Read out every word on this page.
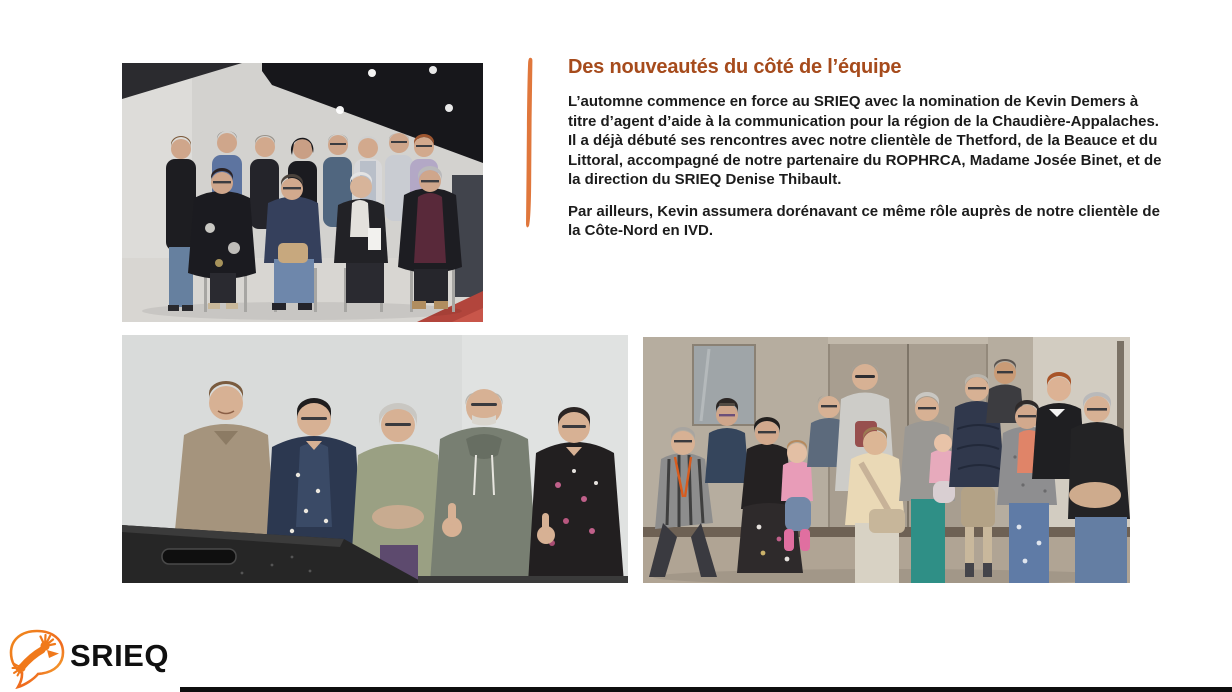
Des nouveautés du côté de l’équipe

L’automne commence en force au SRIEQ avec la nomination de Kevin Demers à titre d’agent d’aide à la communication pour la région de la Chaudière-Appalaches. Il a déjà débuté ses rencontres avec notre clientèle de Thetford, de la Beauce et du Littoral, accompagné de notre partenaire du ROPHRCA, Madame Josée Binet, et de la direction du SRIEQ Denise Thibault.

Par ailleurs, Kevin assumera dorénavant ce même rôle auprès de notre clientèle de la Côte-Nord en IVD.

SRIEQ
